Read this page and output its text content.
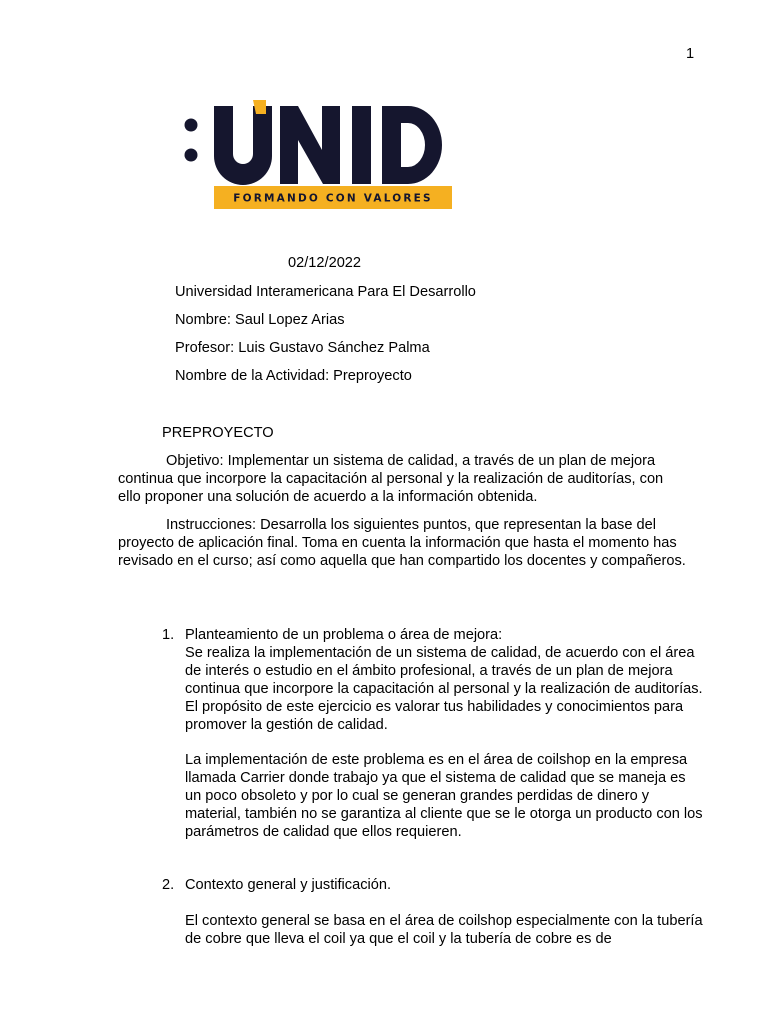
1
FORMANDO CON VALORES
02/12/2022
Universidad Interamericana Para El Desarrollo
Nombre: Saul Lopez Arias
Profesor: Luis Gustavo Sánchez Palma
Nombre de la Actividad: Preproyecto
PREPROYECTO
Objetivo: Implementar un sistema de calidad, a través de un plan de mejora continua que incorpore la capacitación al personal y la realización de auditorías, con ello proponer una solución de acuerdo a la información obtenida.
Instrucciones: Desarrolla los siguientes puntos, que representan la base del proyecto de aplicación final. Toma en cuenta la información que hasta el momento has revisado en el curso; así como aquella que han compartido los docentes y compañeros.
1. Planteamiento de un problema o área de mejora:

Se realiza la implementación de un sistema de calidad, de acuerdo con el área de interés o estudio en el ámbito profesional, a través de un plan de mejora continua que incorpore la capacitación al personal y la realización de auditorías. El propósito de este ejercicio es valorar tus habilidades y conocimientos para promover la gestión de calidad.

La implementación de este problema es en el área de coilshop en la empresa llamada Carrier donde trabajo ya que el sistema de calidad que se maneja es un poco obsoleto y por lo cual se generan grandes perdidas de dinero y material, también no se garantiza al cliente que se le otorga un producto con los parámetros de calidad que ellos requieren.

2. Contexto general y justificación.

El contexto general se basa en el área de coilshop especialmente con la tubería de cobre que lleva el coil ya que el coil y la tubería de cobre es de
